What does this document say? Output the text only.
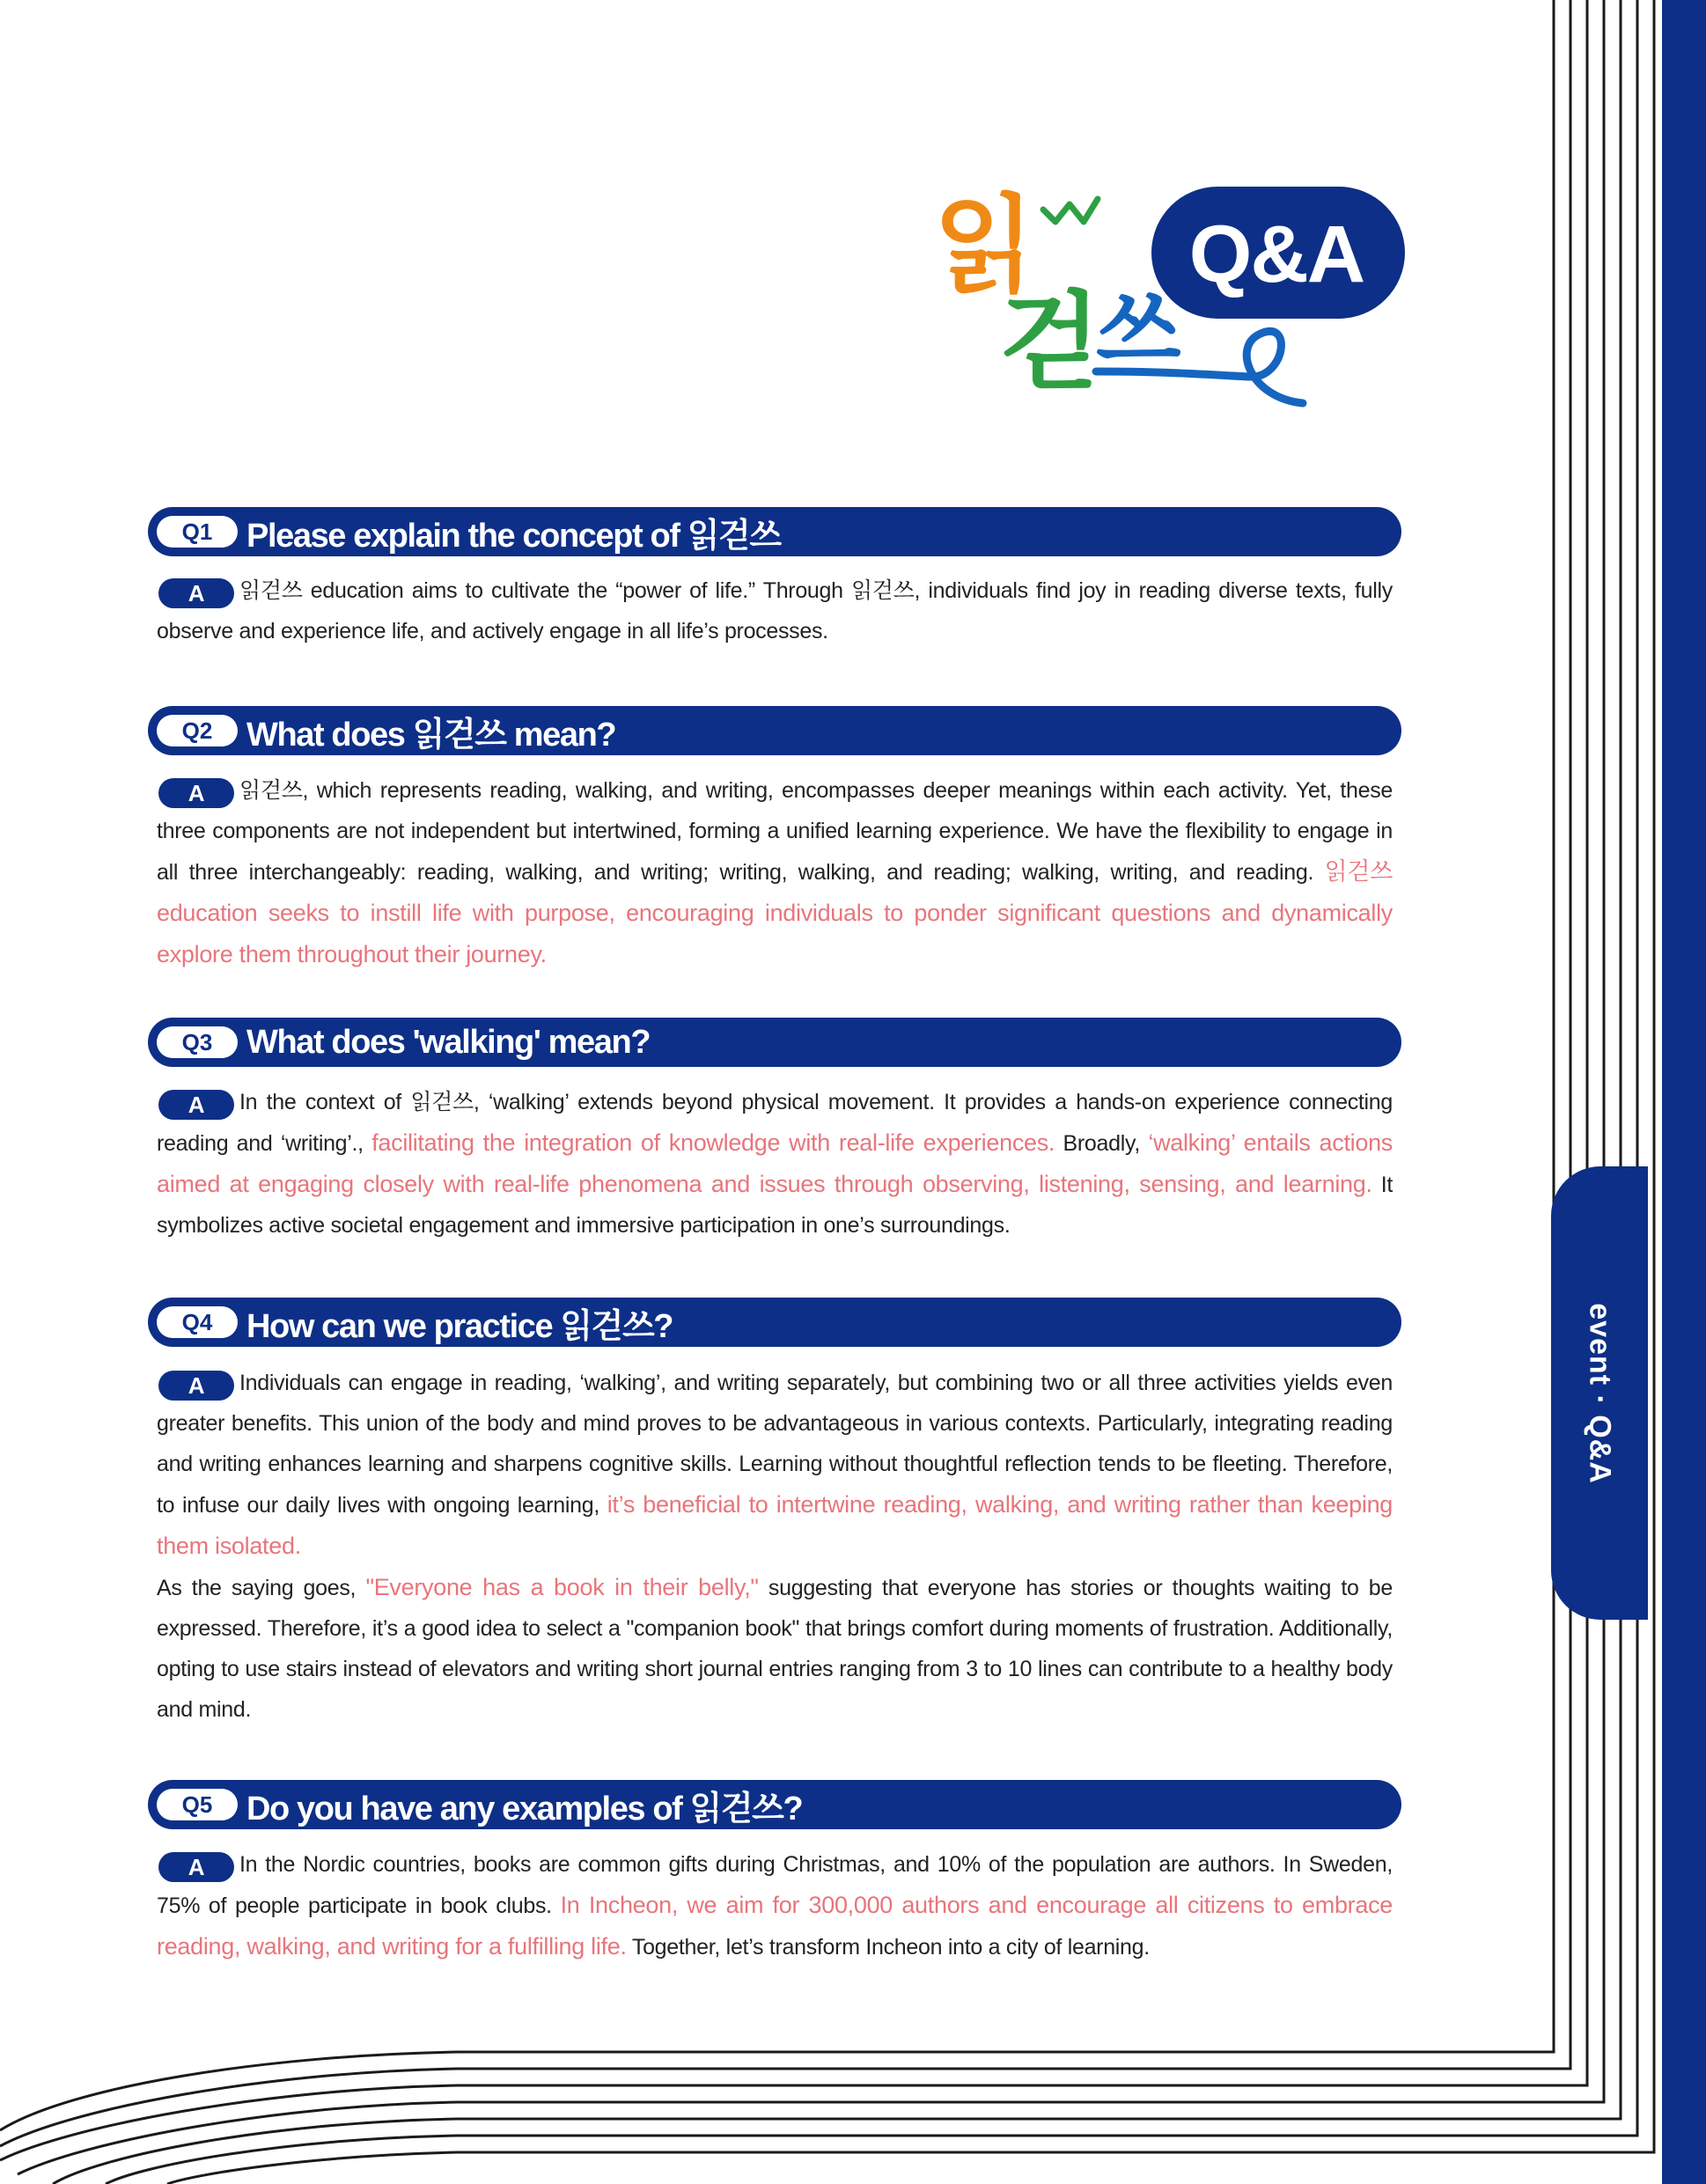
Q&A
읽
걷
쓰
Q1	Please explain the concept of 읽걷쓰
A 읽걷쓰 education aims to cultivate the “power of life.” Through 읽걷쓰, individuals find joy in reading diverse texts, fully observe and experience life, and actively engage in all life’s processes.
Q2	What does 읽걷쓰 mean?
A 읽걷쓰, which represents reading, walking, and writing, encompasses deeper meanings within each activity. Yet, these three components are not independent but intertwined, forming a unified learning experience. We have the flexibility to engage in all three interchangeably: reading, walking, and writing; writing, walking, and reading; walking, writing, and reading. 읽걷쓰 education seeks to instill life with purpose, encouraging individuals to ponder significant questions and dynamically explore them throughout their journey.
Q3	What does 'walking' mean?
A In the context of 읽걷쓰, ‘walking’ extends beyond physical movement. It provides a hands-on experience connecting reading and ‘writing’., facilitating the integration of knowledge with real-life experiences. Broadly, ‘walking’ entails actions aimed at engaging closely with real-life phenomena and issues through observing, listening, sensing, and learning. It symbolizes active societal engagement and immersive participation in one’s surroundings.
Q4	How can we practice 읽걷쓰?
A Individuals can engage in reading, ‘walking’, and writing separately, but combining two or all three activities yields even greater benefits. This union of the body and mind proves to be advantageous in various contexts. Particularly, integrating reading and writing enhances learning and sharpens cognitive skills. Learning without thoughtful reflection tends to be fleeting. Therefore, to infuse our daily lives with ongoing learning, it’s beneficial to intertwine reading, walking, and writing rather than keeping them isolated.
As the saying goes, "Everyone has a book in their belly," suggesting that everyone has stories or thoughts waiting to be expressed. Therefore, it’s a good idea to select a "companion book" that brings comfort during moments of frustration. Additionally, opting to use stairs instead of elevators and writing short journal entries ranging from 3 to 10 lines can contribute to a healthy body and mind.
Q5	Do you have any examples of 읽걷쓰?
A In the Nordic countries, books are common gifts during Christmas, and 10% of the population are authors. In Sweden, 75% of people participate in book clubs. In Incheon, we aim for 300,000 authors and encourage all citizens to embrace reading, walking, and writing for a fulfilling life. Together, let’s transform Incheon into a city of learning.
event · Q&A
